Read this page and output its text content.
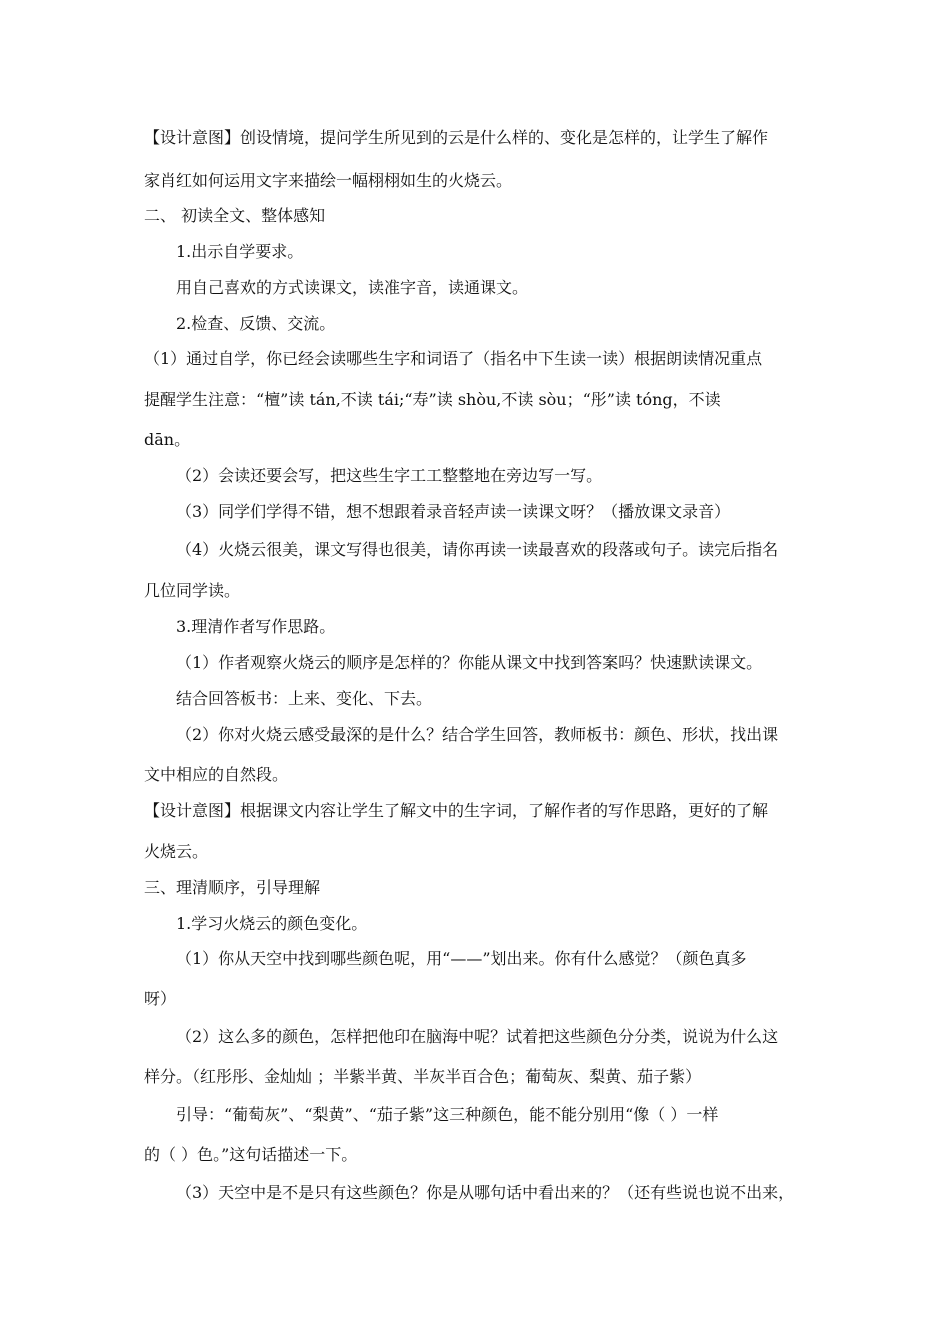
【设计意图】创设情境，提问学生所见到的云是什么样的、变化是怎样的，让学生了解作
家肖红如何运用文字来描绘一幅栩栩如生的火烧云。
二、 初读全文、整体感知
1.出示自学要求。
用自己喜欢的方式读课文，读准字音，读通课文。
2.检查、反馈、交流。
（1）通过自学，你已经会读哪些生字和词语了（指名中下生读一读）根据朗读情况重点
提醒学生注意：“檀”读 tán,不读 tái;“寿”读 shòu,不读 sòu；“彤”读 tóng，不读
dān。
（2）会读还要会写，把这些生字工工整整地在旁边写一写。
（3）同学们学得不错，想不想跟着录音轻声读一读课文呀？（播放课文录音）
（4）火烧云很美，课文写得也很美，请你再读一读最喜欢的段落或句子。读完后指名
几位同学读。
3.理清作者写作思路。
（1）作者观察火烧云的顺序是怎样的？你能从课文中找到答案吗？快速默读课文。
结合回答板书：上来、变化、下去。
（2）你对火烧云感受最深的是什么？结合学生回答，教师板书：颜色、形状，找出课
文中相应的自然段。
【设计意图】根据课文内容让学生了解文中的生字词，了解作者的写作思路，更好的了解
火烧云。
三、理清顺序，引导理解
1.学习火烧云的颜色变化。
（1）你从天空中找到哪些颜色呢，用“——”划出来。你有什么感觉？（颜色真多
呀）
（2）这么多的颜色，怎样把他印在脑海中呢？试着把这些颜色分分类，说说为什么这
样分。（红彤彤、金灿灿 ；半紫半黄、半灰半百合色；葡萄灰、梨黄、茄子紫）
引导：“葡萄灰”、“梨黄”、“茄子紫”这三种颜色，能不能分别用“像（ ）一样
的（ ）色。”这句话描述一下。
（3）天空中是不是只有这些颜色？你是从哪句话中看出来的？（还有些说也说不出来，
